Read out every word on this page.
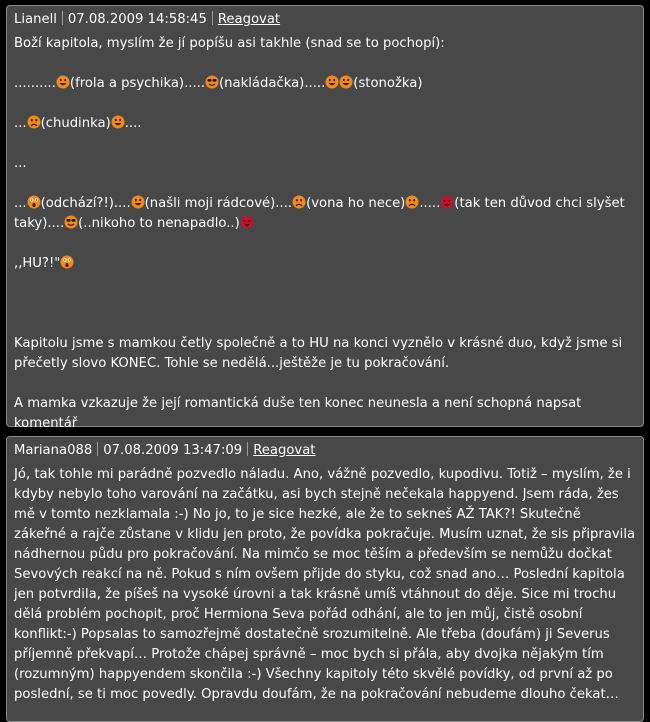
Lianell 07.08.2009 14:58:45 Reagovat

Boží kapitola, myslím že jí popíšu asi takhle (snad se to pochopí):

.......... (frola a psychika)..... (nakládačka)..... (stonožka)

... (chudinka) ....

...

... (odchází?!).... (našli moji rádcové).... (vona ho nece) ..... (tak ten důvod chci slyšet taky).... (..nikoho to nenapadlo..)

,,HU?!"

Kapitolu jsme s mamkou četly společně a to HU na konci vyznělo v krásné duo, když jsme si přečetly slovo KONEC. Tohle se nedělá...ještěže je tu pokračování.

A mamka vzkazuje že její romantická duše ten konec neunesla a není schopná napsat komentář

Mariana088 07.08.2009 13:47:09 Reagovat

Jó, tak tohle mi parádně pozvedlo náladu. Ano, vážně pozvedlo, kupodivu. Totiž – myslím, že i kdyby nebylo toho varování na začátku, asi bych stejně nečekala happyend. Jsem ráda, žes mě v tomto nezklamala :-) No jo, to je sice hezké, ale že to sekneš AŽ TAK?! Skutečně zákeřné a rajče zůstane v klidu jen proto, že povídka pokračuje. Musím uznat, že sis připravila nádhernou půdu pro pokračování. Na mimčo se moc těším a především se nemůžu dočkat Sevových reakcí na ně. Pokud s ním ovšem přijde do styku, což snad ano… Poslední kapitola jen potvrdila, že píšeš na vysoké úrovni a tak krásně umíš vtáhnout do děje. Sice mi trochu dělá problém pochopit, proč Hermiona Seva pořád odhání, ale to jen můj, čistě osobní konflikt:-) Popsalas to samozřejmě dostatečně srozumitelně. Ale třeba (doufám) ji Severus příjemně překvapí… Protože chápej správně – moc bych si přála, aby dvojka nějakým tím (rozumným) happyendem skončila :-) Všechny kapitoly této skvělé povídky, od první až po poslední, se ti moc povedly. Opravdu doufám, že na pokračování nebudeme dlouho čekat…
